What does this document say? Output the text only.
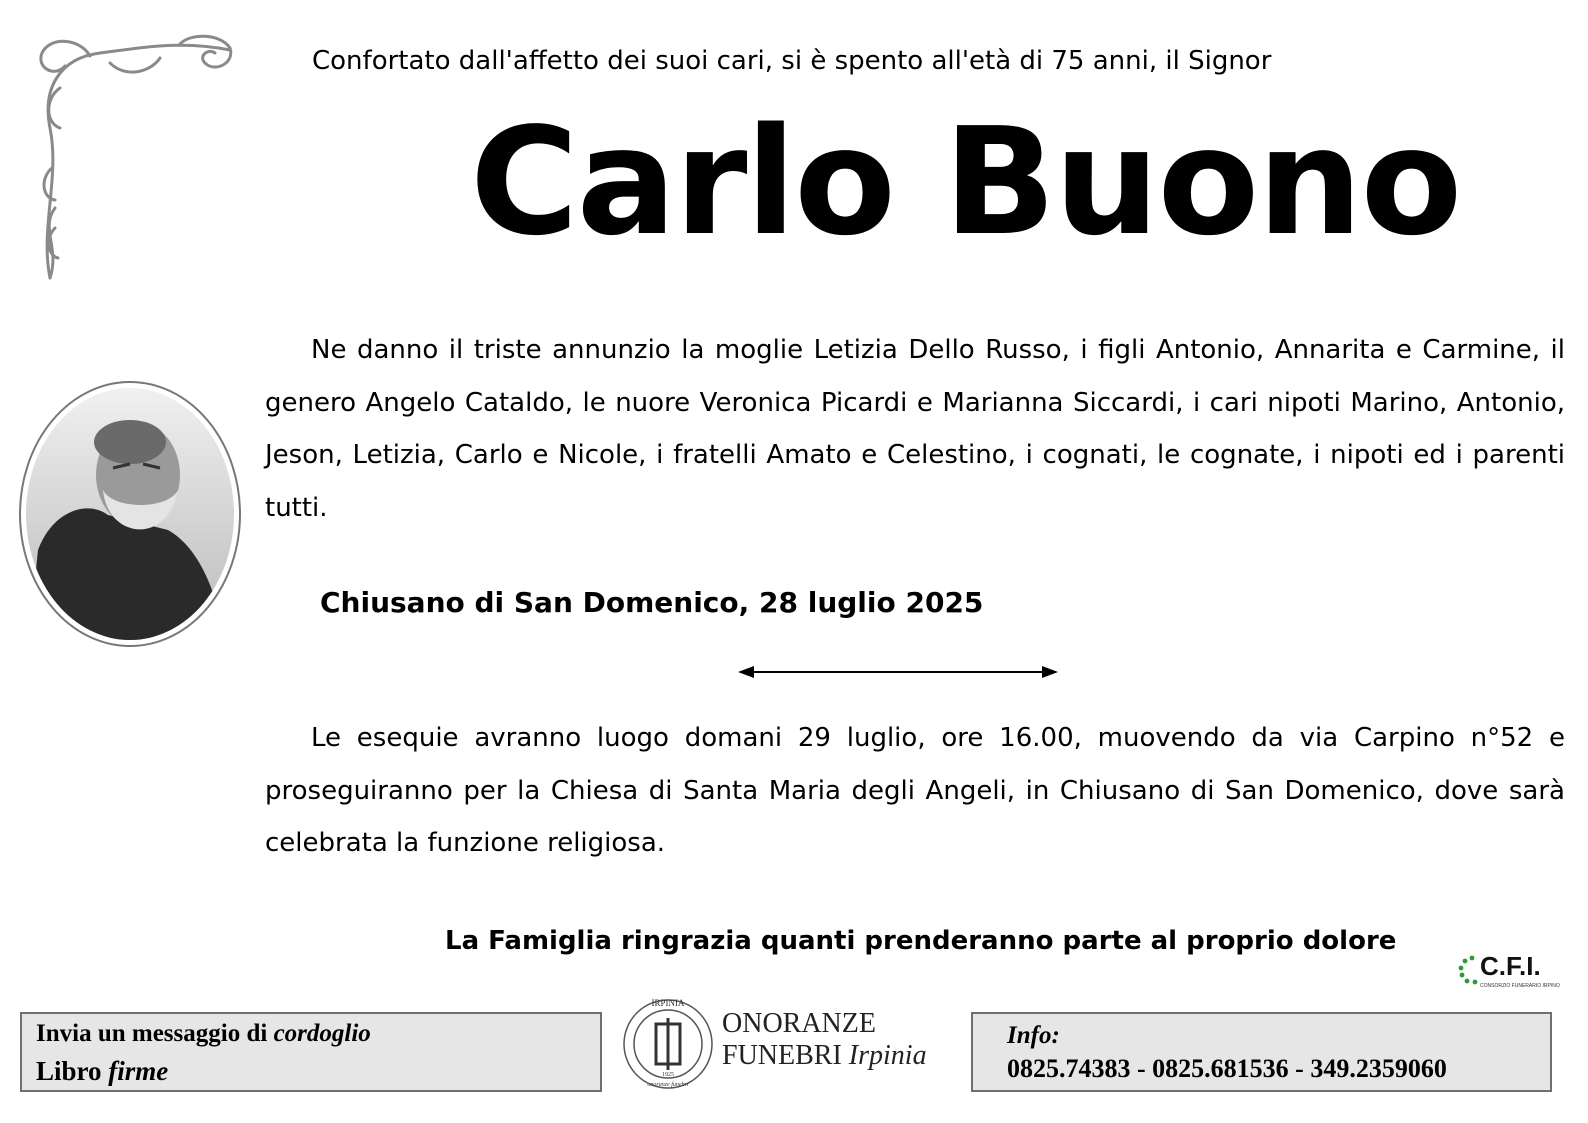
Confortato dall'affetto dei suoi cari, si è spento all'età di 75 anni, il Signor
Carlo Buono
Ne danno il triste annunzio la moglie Letizia Dello Russo, i figli Antonio, Annarita e Carmine, il genero Angelo Cataldo, le nuore Veronica Picardi e Marianna Siccardi, i cari nipoti Marino, Antonio, Jeson, Letizia, Carlo e Nicole, i fratelli Amato e Celestino, i cognati, le cognate, i nipoti ed i parenti tutti.
Chiusano di San Domenico, 28 luglio 2025
Le esequie avranno luogo domani 29 luglio, ore 16.00, muovendo da via Carpino n°52 e proseguiranno per la Chiesa di Santa Maria degli Angeli, in Chiusano di San Domenico, dove sarà celebrata la funzione religiosa.
La Famiglia ringrazia quanti prenderanno parte al proprio dolore
C.F.I.
CONSORZIO FUNERARIO IRPINO
Invia un messaggio di cordoglio
Libro firme
IRPINIA
1925
onoranze funebri
ONORANZE
FUNEBRI Irpinia
Info:
0825.74383 - 0825.681536 - 349.2359060
